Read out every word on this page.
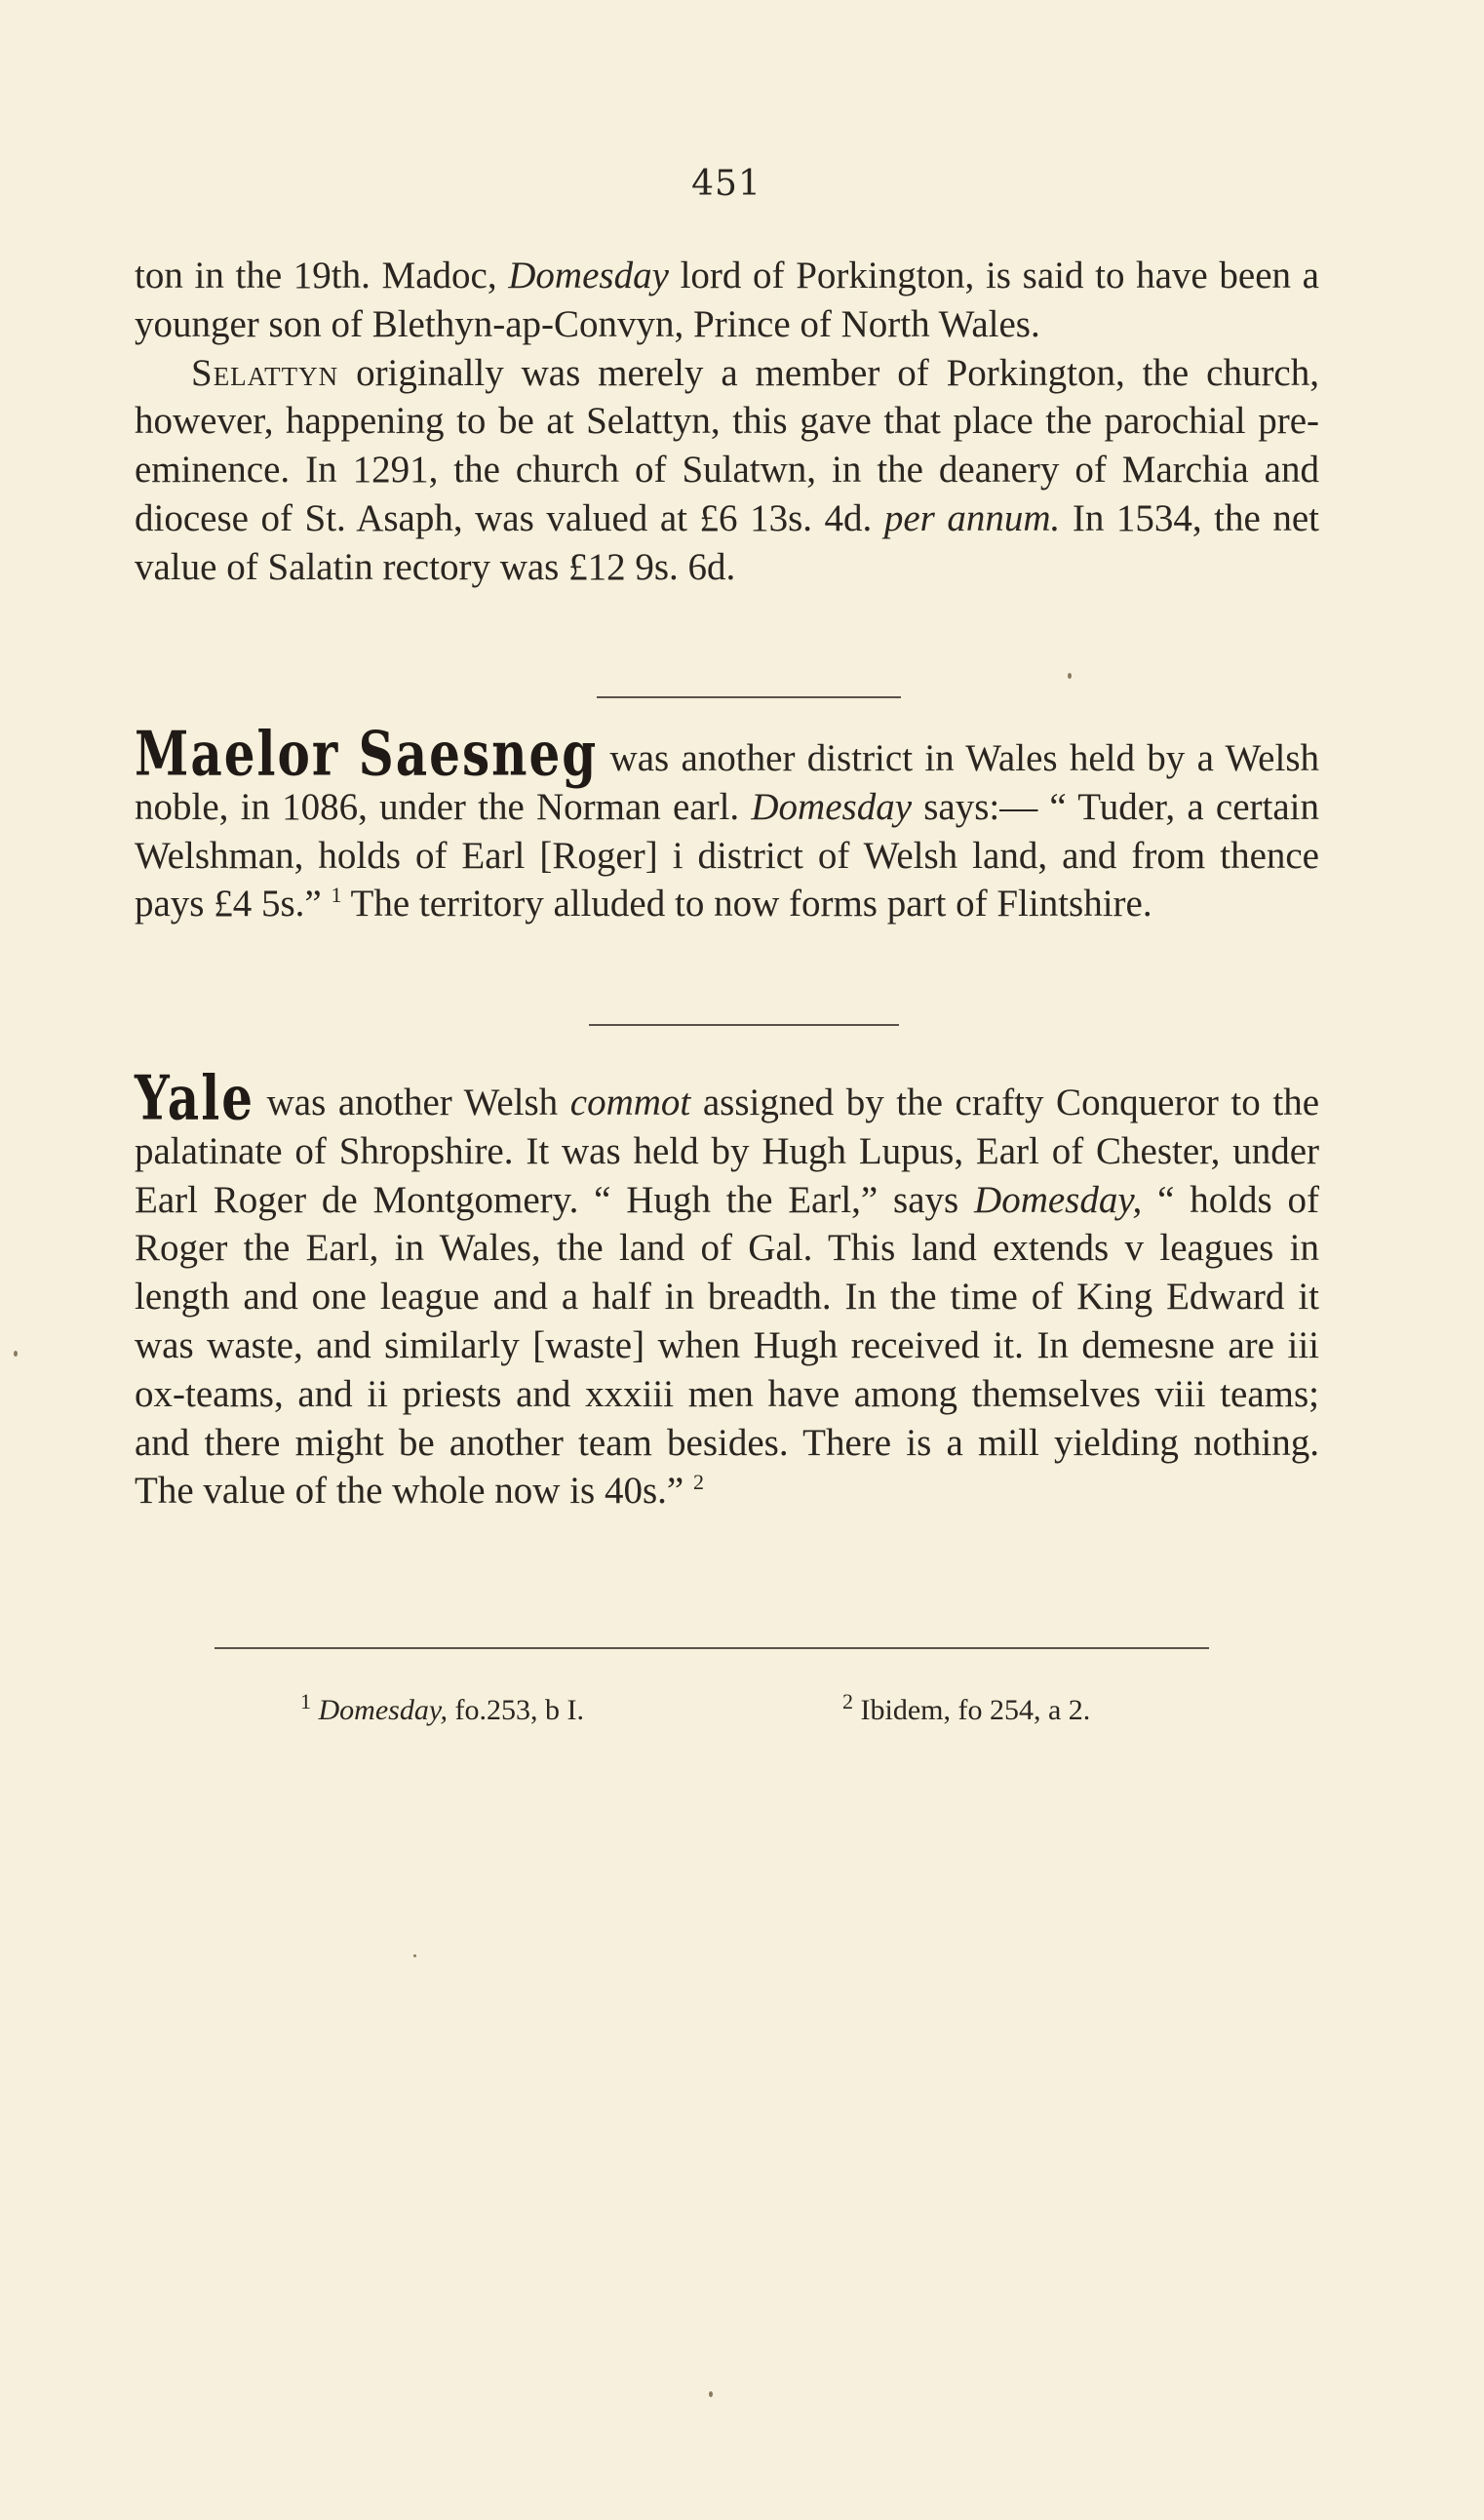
451

ton in the 19th. Madoc, Domesday lord of Porkington, is said to have been a younger son of Blethyn-ap-Convyn, Prince of North Wales.

Selattyn originally was merely a member of Porkington, the church, however, happening to be at Selattyn, this gave that place the parochial pre-eminence. In 1291, the church of Sulatwn, in the deanery of Marchia and diocese of St. Asaph, was valued at £6 13s. 4d. per annum. In 1534, the net value of Salatin rectory was £12 9s. 6d.

Maelor Saesneg was another district in Wales held by a Welsh noble, in 1086, under the Norman earl. Domesday says:— “ Tuder, a certain Welshman, holds of Earl [Roger] i district of Welsh land, and from thence pays £4 5s.” $^1$ The territory alluded to now forms part of Flintshire.

Yale was another Welsh commot assigned by the crafty Conqueror to the palatinate of Shropshire. It was held by Hugh Lupus, Earl of Chester, under Earl Roger de Montgomery. “ Hugh the Earl,” says Domesday, “ holds of Roger the Earl, in Wales, the land of Gal. This land extends v leagues in length and one league and a half in breadth. In the time of King Edward it was waste, and similarly [waste] when Hugh received it. In demesne are iii ox-teams, and ii priests and xxxiii men have among themselves viii teams; and there might be another team besides. There is a mill yielding nothing. The value of the whole now is 40s.” $^2$

$^1$ Domesday, fo.253, b I.	$^2$ Ibidem, fo 254, a 2.
